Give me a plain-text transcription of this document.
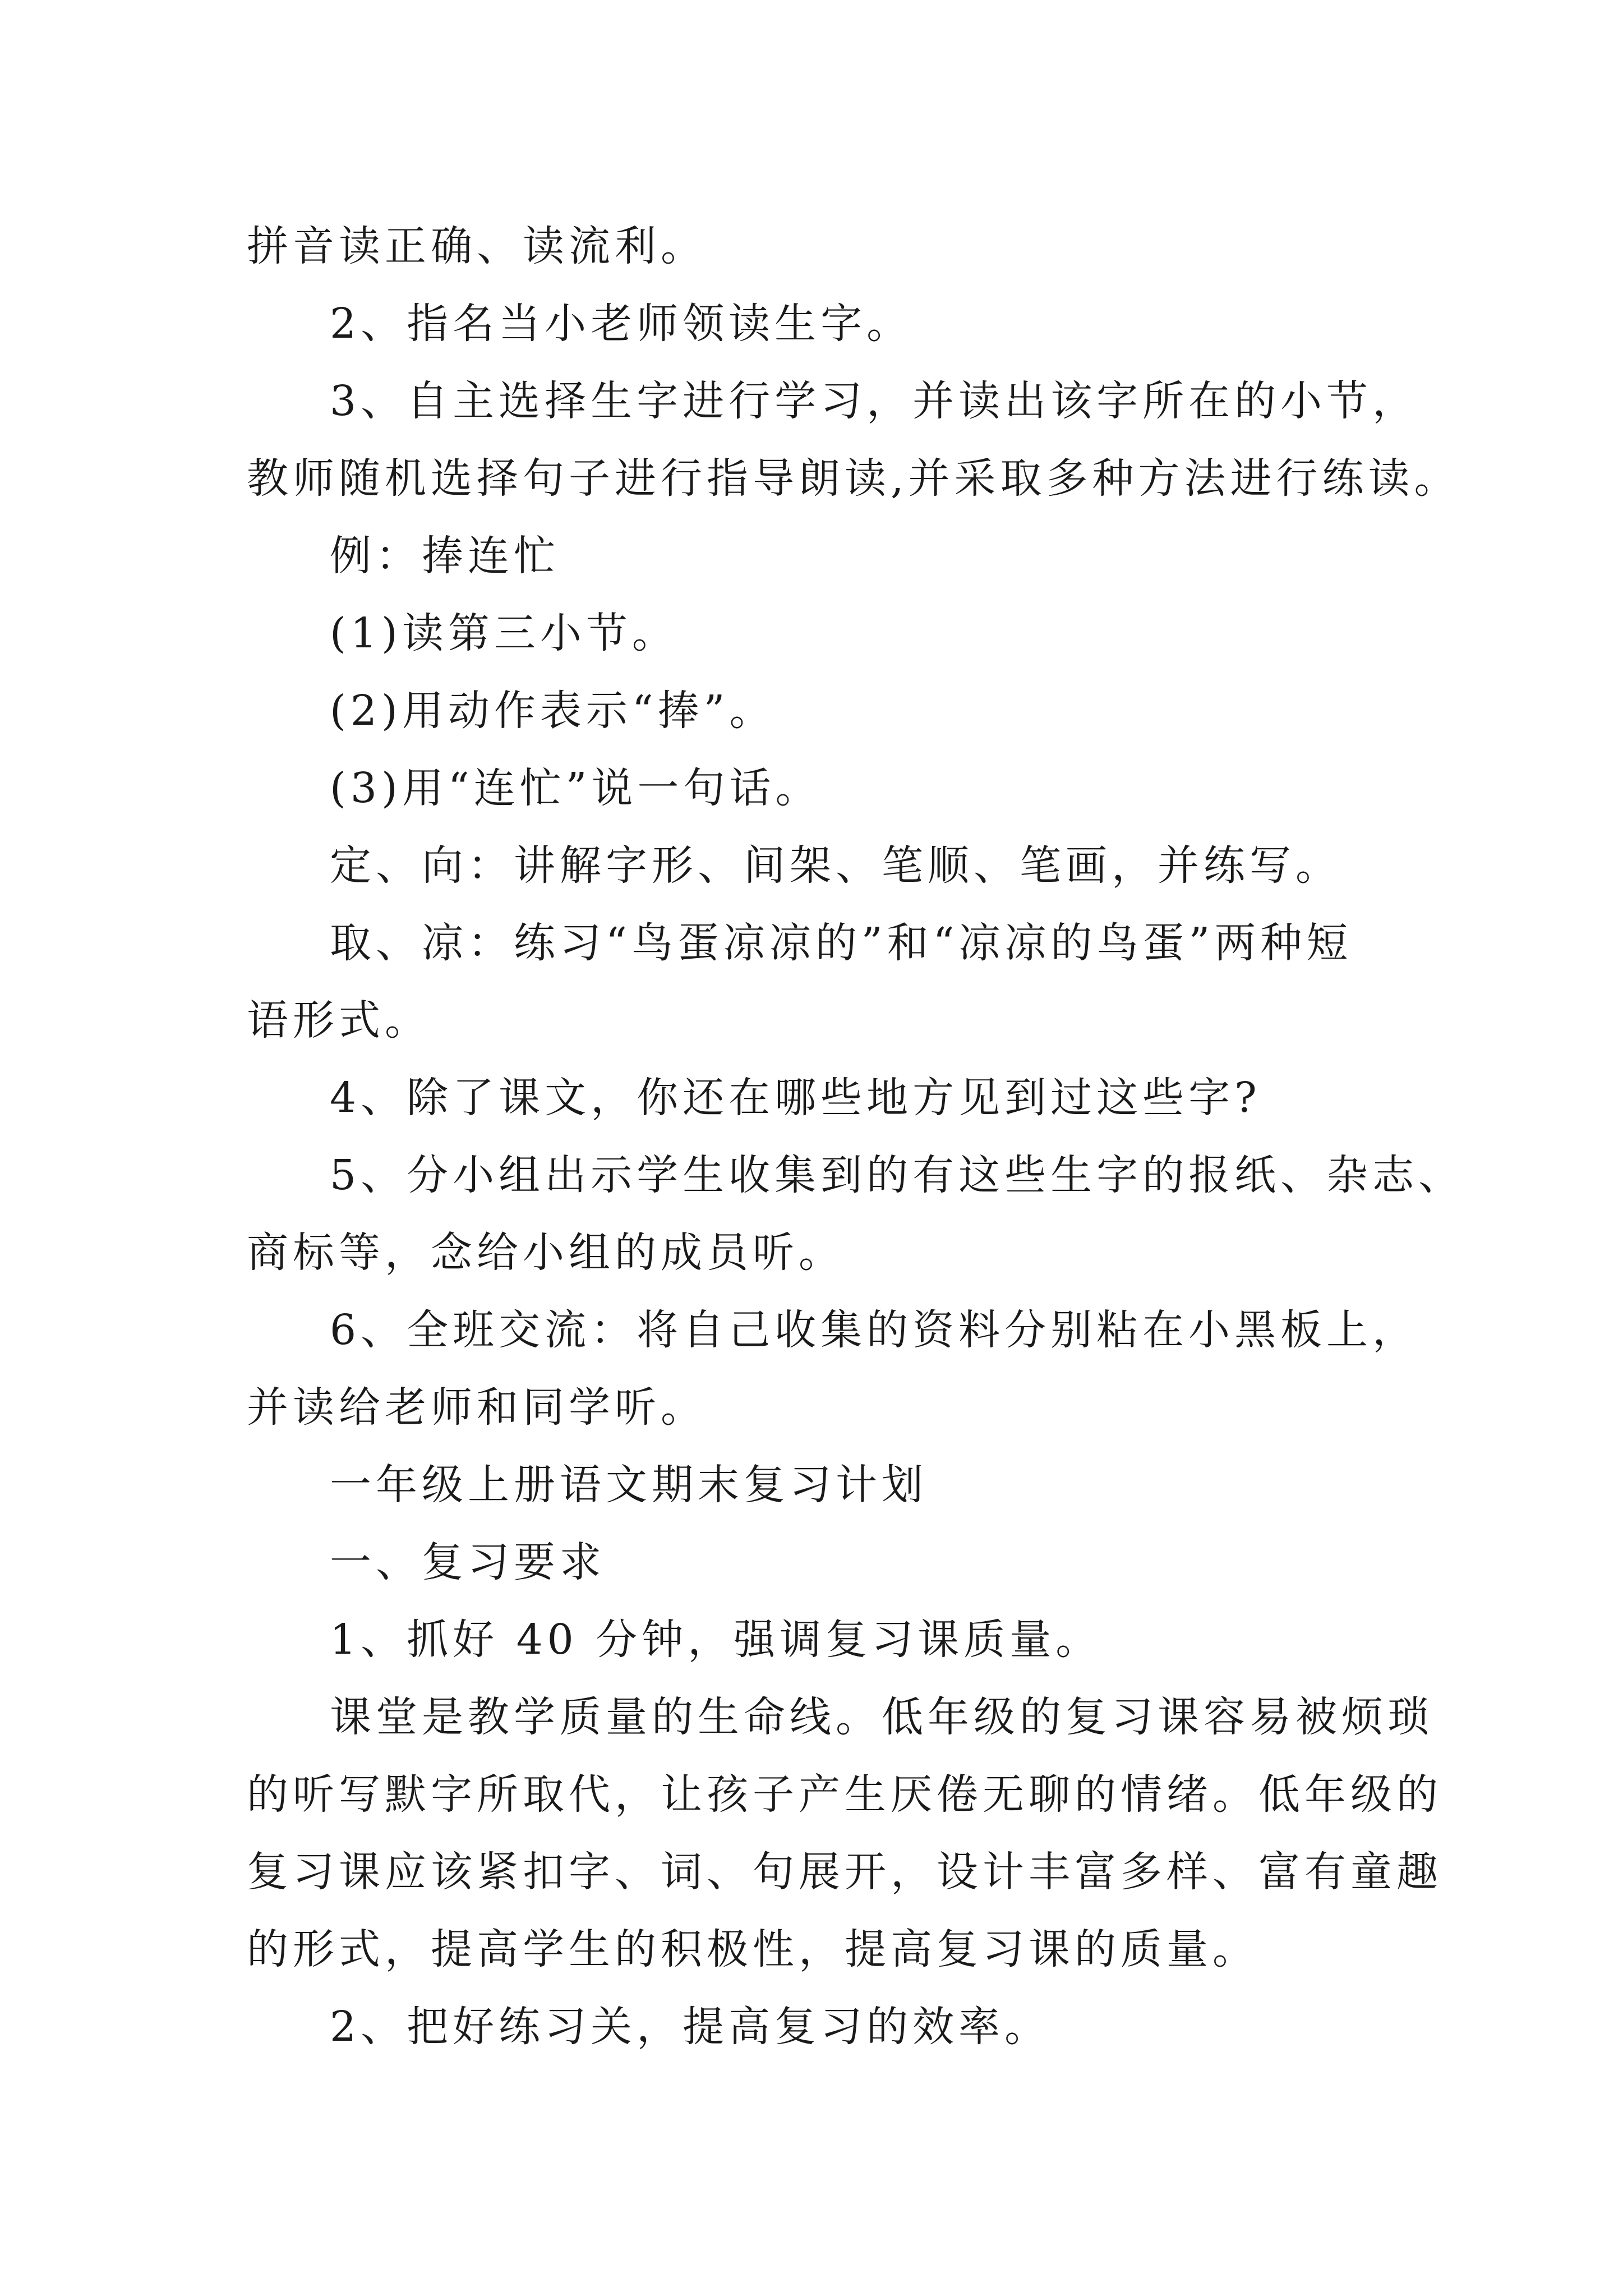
拼音读正确、读流利。
2、指名当小老师领读生字。
3、自主选择生字进行学习，并读出该字所在的小节，
教师随机选择句子进行指导朗读,并采取多种方法进行练读。
例：捧连忙
(1)读第三小节。
(2)用动作表示“捧”。
(3)用“连忙”说一句话。
定、向：讲解字形、间架、笔顺、笔画，并练写。
取、凉：练习“鸟蛋凉凉的”和“凉凉的鸟蛋”两种短
语形式。
4、除了课文，你还在哪些地方见到过这些字?
5、分小组出示学生收集到的有这些生字的报纸、杂志、
商标等，念给小组的成员听。
6、全班交流：将自己收集的资料分别粘在小黑板上，
并读给老师和同学听。
一年级上册语文期末复习计划
一、复习要求
1、抓好 40 分钟，强调复习课质量。
课堂是教学质量的生命线。低年级的复习课容易被烦琐
的听写默字所取代，让孩子产生厌倦无聊的情绪。低年级的
复习课应该紧扣字、词、句展开，设计丰富多样、富有童趣
的形式，提高学生的积极性，提高复习课的质量。
2、把好练习关，提高复习的效率。
